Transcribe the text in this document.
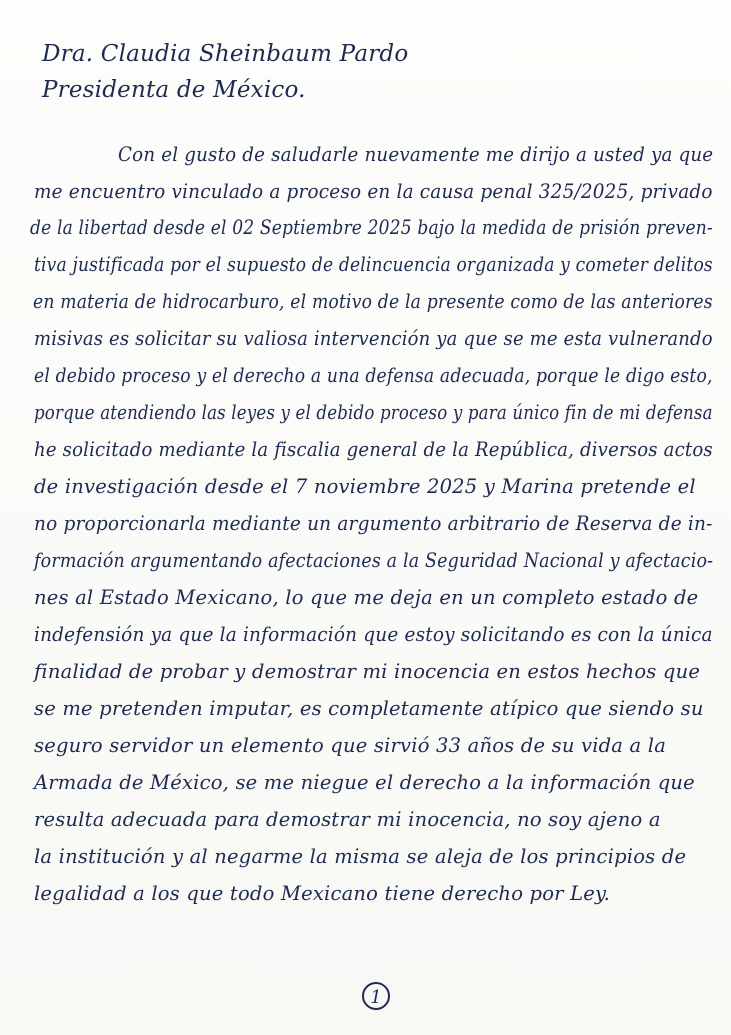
Dra. Claudia Sheinbaum Pardo
Presidenta de México.
Con el gusto de saludarle nuevamente me dirijo a usted ya que
me encuentro vinculado a proceso en la causa penal 325/2025, privado
de la libertad desde el 02 Septiembre 2025 bajo la medida de prisión preven-
tiva justificada por el supuesto de delincuencia organizada y cometer delitos
en materia de hidrocarburo, el motivo de la presente como de las anteriores
misivas es solicitar su valiosa intervención ya que se me esta vulnerando
el debido proceso y el derecho a una defensa adecuada, porque le digo esto,
porque atendiendo las leyes y el debido proceso y para único fin de mi defensa
he solicitado mediante la fiscalia general de la República, diversos actos
de investigación desde el 7 noviembre 2025 y Marina pretende el
no proporcionarla mediante un argumento arbitrario de Reserva de in-
formación argumentando afectaciones a la Seguridad Nacional y afectacio-
nes al Estado Mexicano, lo que me deja en un completo estado de
indefensión ya que la información que estoy solicitando es con la única
finalidad de probar y demostrar mi inocencia en estos hechos que
se me pretenden imputar, es completamente atípico que siendo su
seguro servidor un elemento que sirvió 33 años de su vida a la
Armada de México, se me niegue el derecho a la información que
resulta adecuada para demostrar mi inocencia, no soy ajeno a
la institución y al negarme la misma se aleja de los principios de
legalidad a los que todo Mexicano tiene derecho por Ley.
1
